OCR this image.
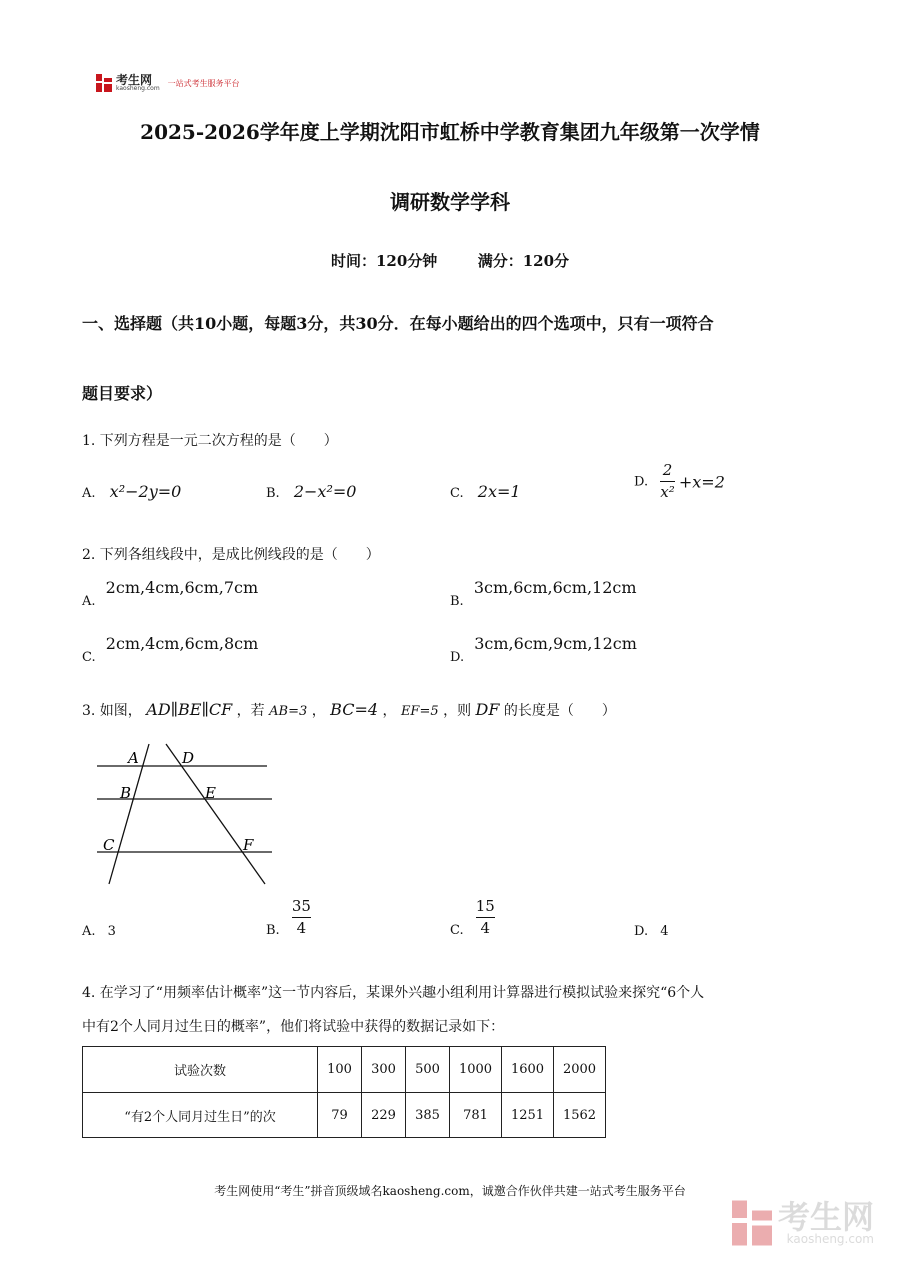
考生网
kaosheng.com
一站式考生服务平台
2025-2026学年度上学期沈阳市虹桥中学教育集团九年级第一次学情
调研数学学科
时间：120分钟	满分：120分
一、选择题（共10小题，每题3分，共30分．在每小题给出的四个选项中，只有一项符合
题目要求）
1. 下列方程是一元二次方程的是（　　）
A. x²−2y=0	B. 2−x²=0	C. 2x=1
D. $\frac{2}{\text{x²}} +x=2$
2. 下列各组线段中，是成比例线段的是（　　）
A. 2cm,4cm,6cm,7cm
B. 3cm,6cm,6cm,12cm
C. 2cm,4cm,6cm,8cm
D. 3cm,6cm,9cm,12cm
3. 如图， AD∥BE∥CF ，若 AB=3 ， BC=4 ， EF=5 ，则 DF 的长度是（　　）
A	D
B	E
C	F
A. 3	B. $\frac{35}{4}$	C. $\frac{15}{4}$	D. 4
4. 在学习了“用频率估计概率”这一节内容后，某课外兴趣小组利用计算器进行模拟试验来探究“6个人
中有2个人同月过生日的概率”，他们将试验中获得的数据记录如下：
试验次数	100	300	500	1000	1600	2000
“有2个人同月过生日”的次	79	229	385	781	1251	1562
考生网使用“考生”拼音顶级域名kaosheng.com，诚邀合作伙伴共建一站式考生服务平台
考生网
kaosheng.com
